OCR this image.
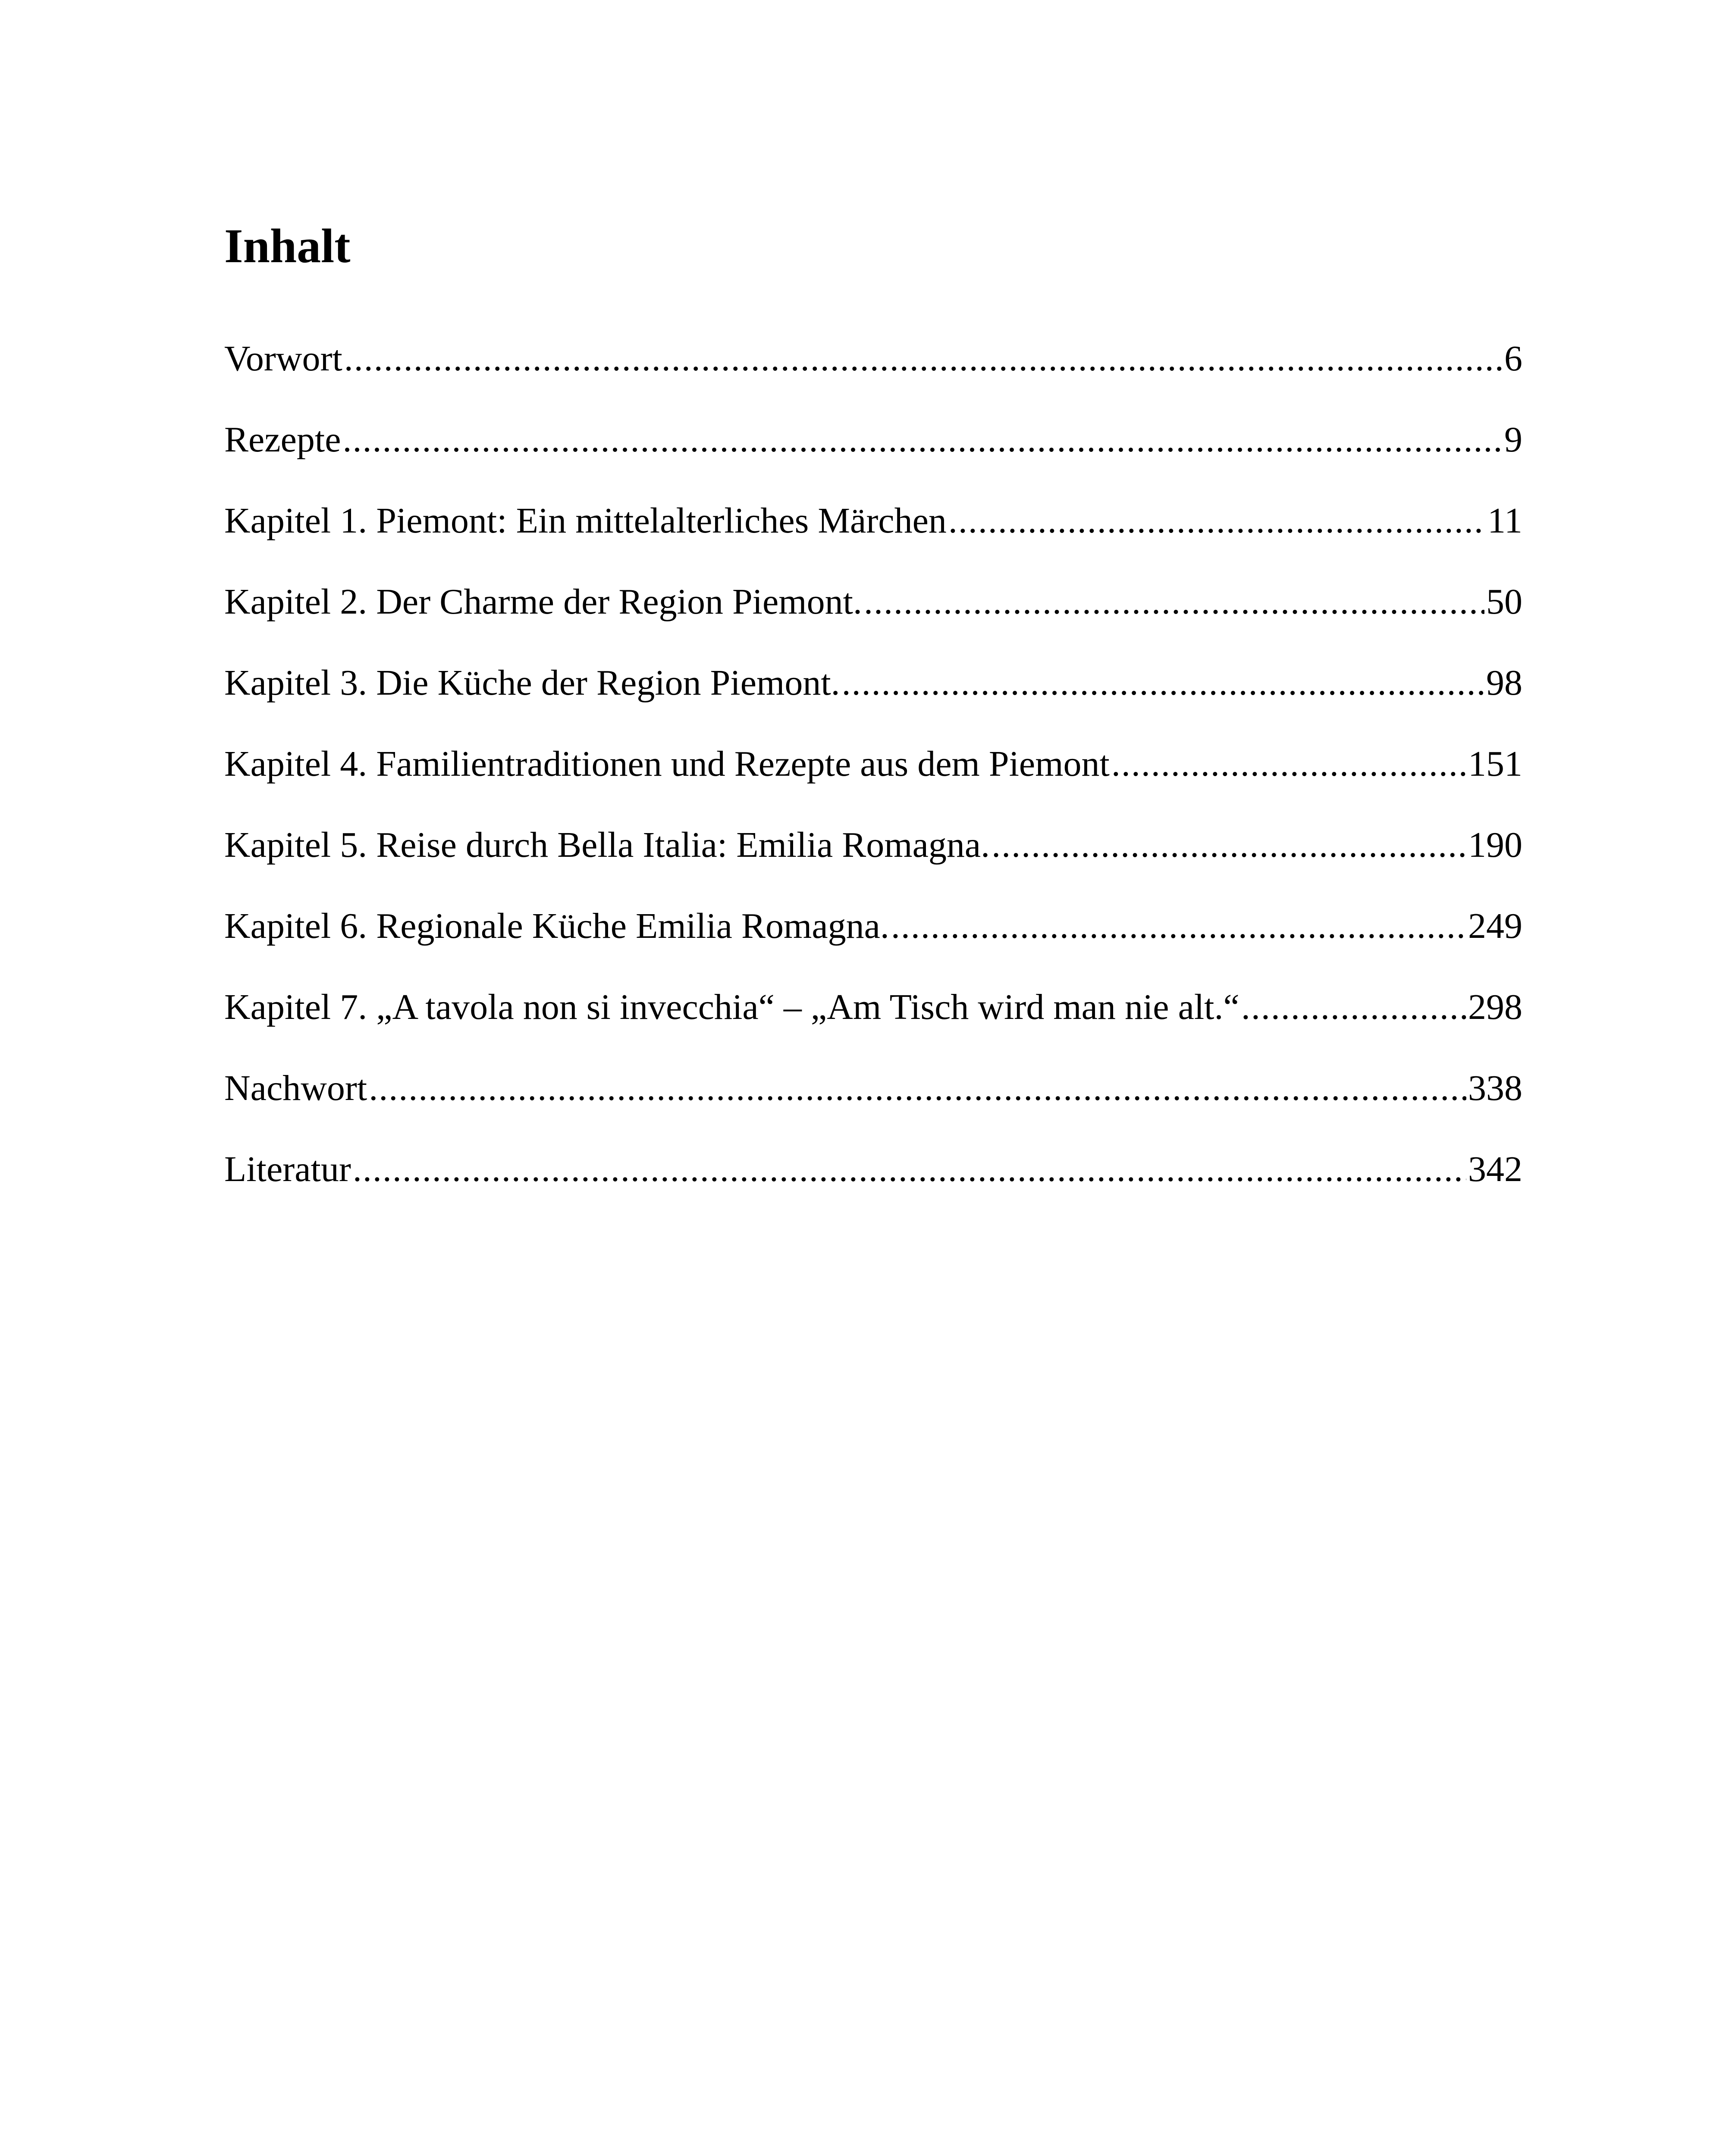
Inhalt
Vorwort .....	6
Rezepte .....	9
Kapitel 1. Piemont: Ein mittelalterliches Märchen .....	11
Kapitel 2. Der Charme der Region Piemont. .....	50
Kapitel 3. Die Küche der Region Piemont. .....	98
Kapitel 4. Familientraditionen und Rezepte aus dem Piemont .....	151
Kapitel 5. Reise durch Bella Italia: Emilia Romagna. .....	190
Kapitel 6. Regionale Küche Emilia Romagna. .....	249
Kapitel 7. „A tavola non si invecchia“ – „Am Tisch wird man nie alt.“ .....	298
Nachwort .....	338
Literatur .....	342
